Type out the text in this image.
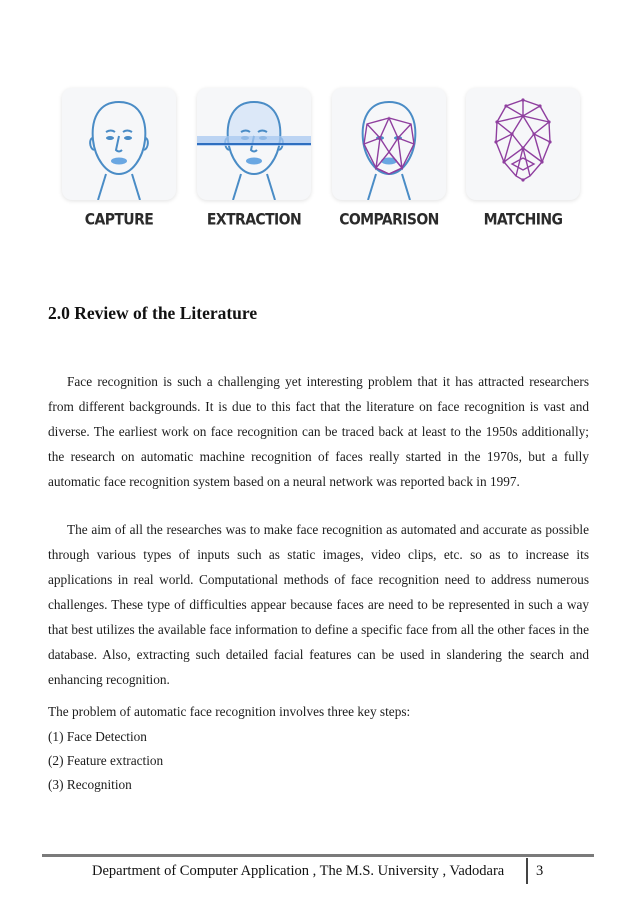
CAPTURE	EXTRACTION	COMPARISON	MATCHING
2.0 Review of the Literature

Face recognition is such a challenging yet interesting problem that it has attracted researchers from different backgrounds. It is due to this fact that the literature on face recognition is vast and diverse. The earliest work on face recognition can be traced back at least to the 1950s additionally; the research on automatic machine recognition of faces really started in the 1970s, but a fully automatic face recognition system based on a neural network was reported back in 1997.

The aim of all the researches was to make face recognition as automated and accurate as possible through various types of inputs such as static images, video clips, etc. so as to increase its applications in real world. Computational methods of face recognition need to address numerous challenges. These type of difficulties appear because faces are need to be represented in such a way that best utilizes the available face information to define a specific face from all the other faces in the database. Also, extracting such detailed facial features can be used in slandering the search and enhancing recognition.

The problem of automatic face recognition involves three key steps:

(1) Face Detection

(2) Feature extraction

(3) Recognition

Department of Computer Application , The M.S. University , Vadodara 3
